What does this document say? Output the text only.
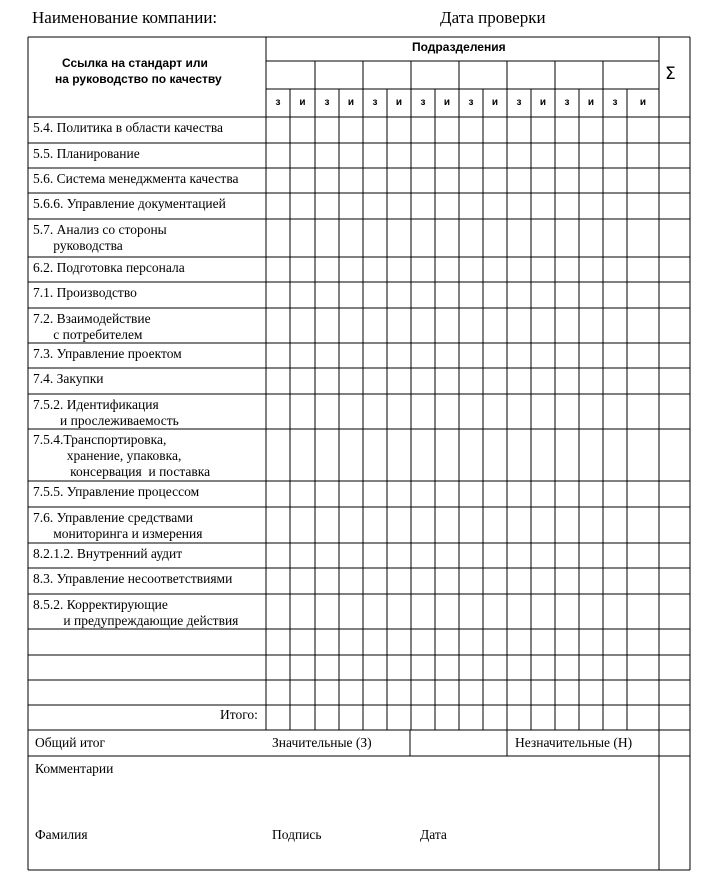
Наименование компании:	Дата проверки
Ссылка на стандарт или
на руководство по качеству
Подразделения
Σ
з	и	з	и	з	и	з	и	з	и	з	и	з	и	з	и
5.4. Политика в области качества
5.5. Планирование
5.6. Система менеджмента качества
5.6.6. Управление документацией
5.7. Анализ со стороны
руководства
6.2. Подготовка персонала
7.1. Производство
7.2. Взаимодействие
с потребителем
7.3. Управление проектом
7.4. Закупки
7.5.2. Идентификация
и прослеживаемость
7.5.4.Транспортировка,
хранение, упаковка,
консервация  и поставка
7.5.5. Управление процессом
7.6. Управление средствами
мониторинга и измерения
8.2.1.2. Внутренний аудит
8.3. Управление несоответствиями
8.5.2. Корректирующие
и предупреждающие действия
Итого:
Общий итог	Значительные (З)	Незначительные (Н)
Комментарии
Фамилия	Подпись	Дата
